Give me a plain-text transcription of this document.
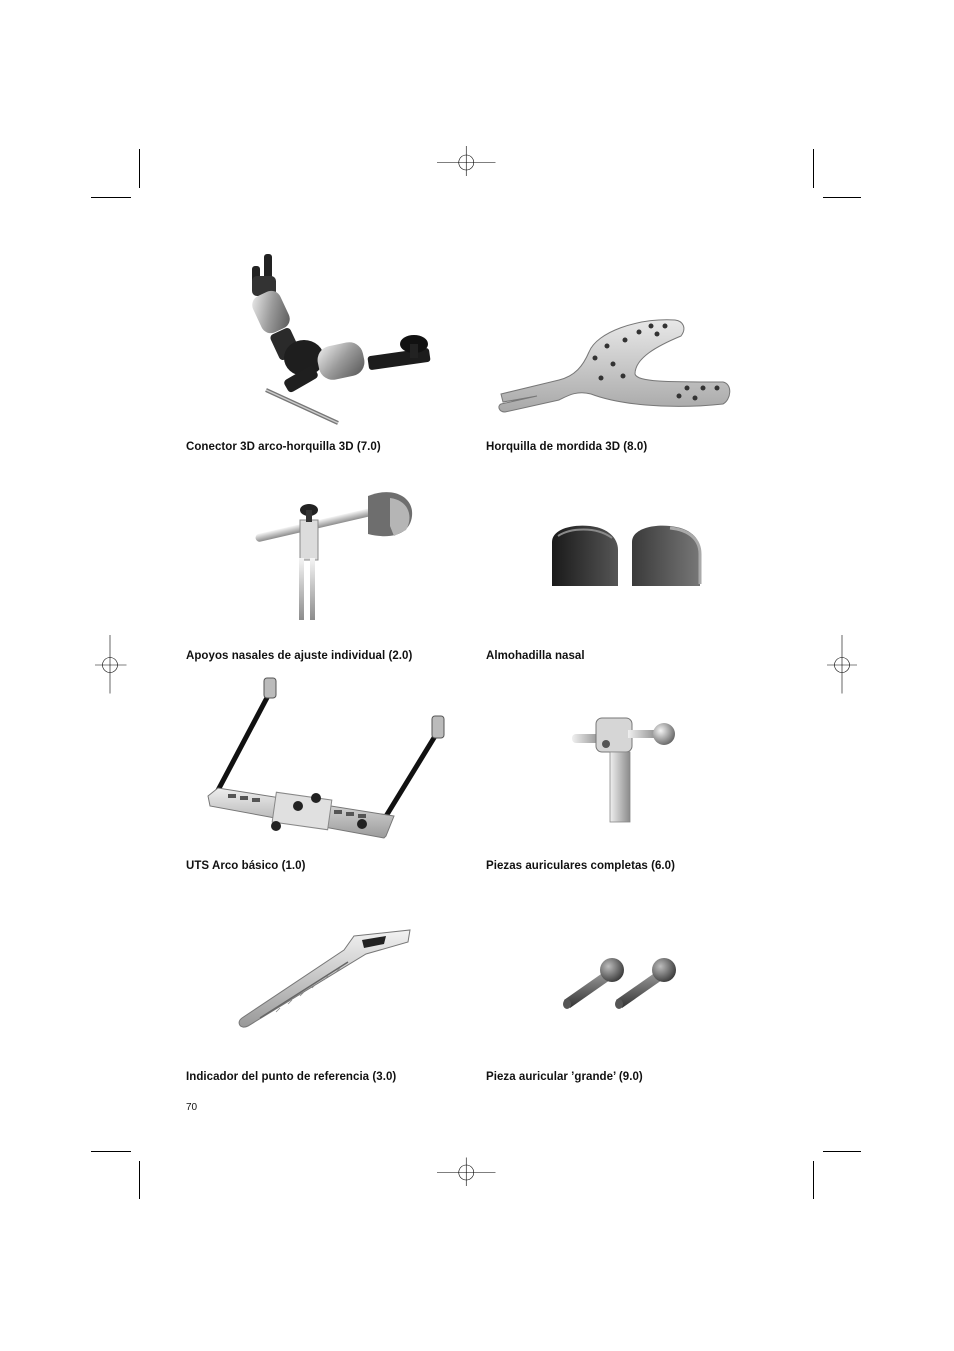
Conector 3D arco-horquilla 3D (7.0)	Horquilla de mordida 3D (8.0)
Apoyos nasales de ajuste individual (2.0)	Almohadilla nasal
UTS Arco básico (1.0)	Piezas auriculares completas (6.0)
Indicador del punto de referencia (3.0)	Pieza auricular ’grande’ (9.0)
70
